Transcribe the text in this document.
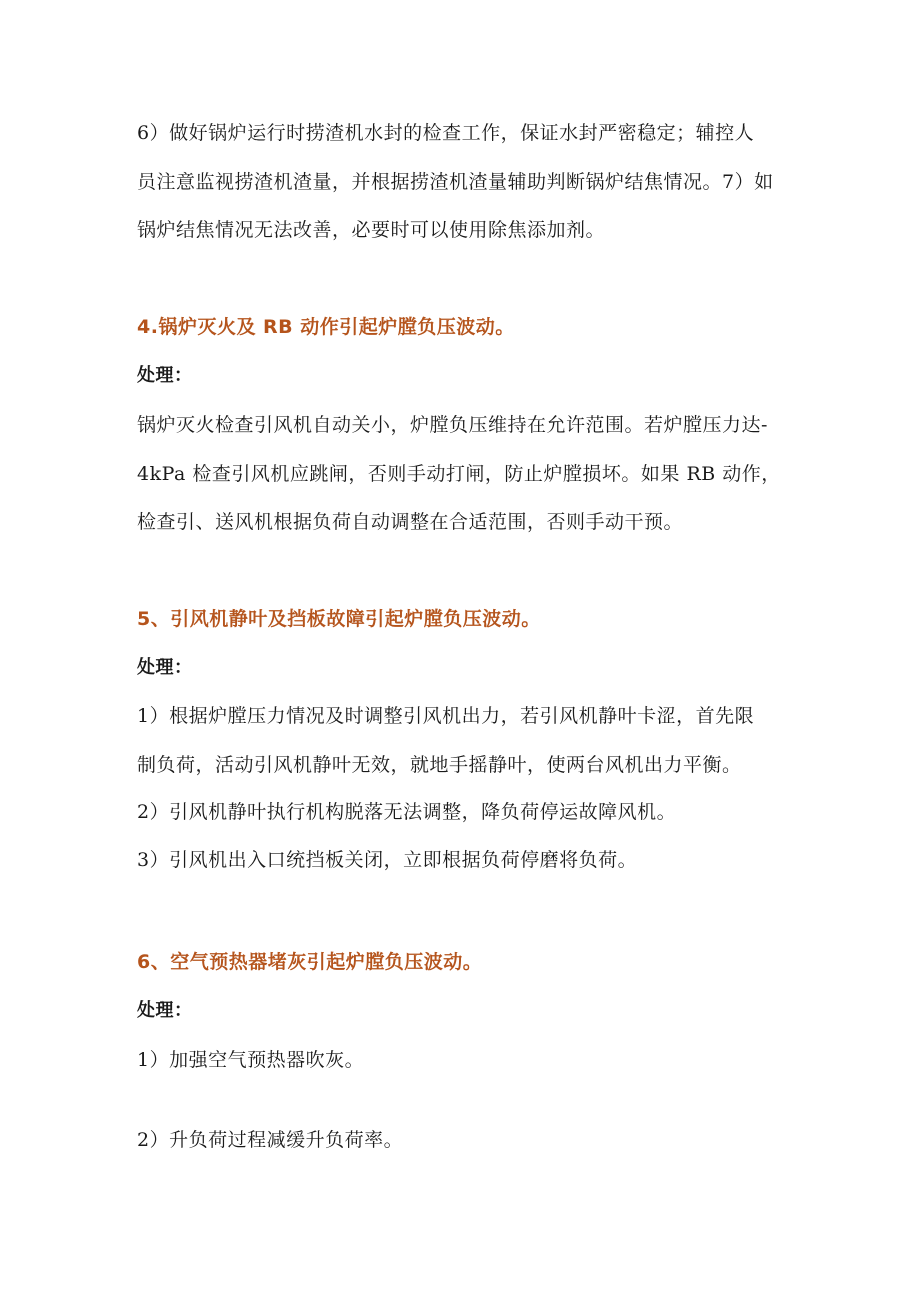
6）做好锅炉运行时捞渣机水封的检查工作，保证水封严密稳定；辅控人
员注意监视捞渣机渣量，并根据捞渣机渣量辅助判断锅炉结焦情况。7）如
锅炉结焦情况无法改善，必要时可以使用除焦添加剂。
4.锅炉灭火及 RB 动作引起炉膛负压波动。
处理：
锅炉灭火检查引风机自动关小，炉膛负压维持在允许范围。若炉膛压力达-
4kPa 检查引风机应跳闸，否则手动打闸，防止炉膛损坏。如果 RB 动作，
检查引、送风机根据负荷自动调整在合适范围，否则手动干预。
5、引风机静叶及挡板故障引起炉膛负压波动。
处理：
1）根据炉膛压力情况及时调整引风机出力，若引风机静叶卡涩，首先限
制负荷，活动引风机静叶无效，就地手摇静叶，使两台风机出力平衡。
2）引风机静叶执行机构脱落无法调整，降负荷停运故障风机。
3）引风机出入口统挡板关闭，立即根据负荷停磨将负荷。
6、空气预热器堵灰引起炉膛负压波动。
处理：
1）加强空气预热器吹灰。
2）升负荷过程减缓升负荷率。
